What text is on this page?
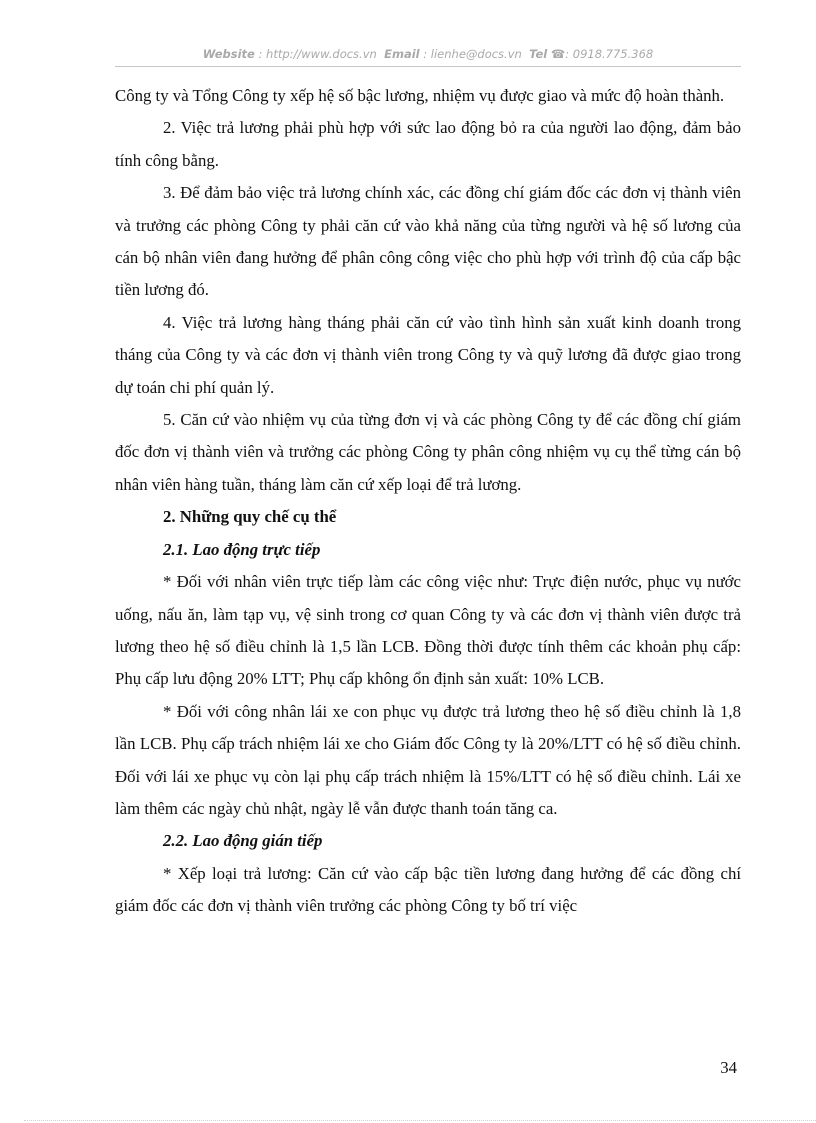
Website : http://www.docs.vn Email : lienhe@docs.vn Tel ☎: 0918.775.368

Công ty và Tổng Công ty xếp hệ số bậc lương, nhiệm vụ được giao và mức độ hoàn thành.

2. Việc trả lương phải phù hợp với sức lao động bỏ ra của người lao động, đảm bảo tính công bằng.

3. Để đảm bảo việc trả lương chính xác, các đồng chí giám đốc các đơn vị thành viên và trưởng các phòng Công ty phải căn cứ vào khả năng của từng người và hệ số lương của cán bộ nhân viên đang hưởng để phân công công việc cho phù hợp với trình độ của cấp bậc tiền lương đó.

4. Việc trả lương hàng tháng phải căn cứ vào tình hình sản xuất kinh doanh trong tháng của Công ty và các đơn vị thành viên trong Công ty và quỹ lương đã được giao trong dự toán chi phí quản lý.

5. Căn cứ vào nhiệm vụ của từng đơn vị và các phòng Công ty để các đồng chí giám đốc đơn vị thành viên và trưởng các phòng Công ty phân công nhiệm vụ cụ thể từng cán bộ nhân viên hàng tuần, tháng làm căn cứ xếp loại để trả lương.

2. Những quy chế cụ thể

2.1. Lao động trực tiếp

* Đối với nhân viên trực tiếp làm các công việc như: Trực điện nước, phục vụ nước uống, nấu ăn, làm tạp vụ, vệ sinh trong cơ quan Công ty và các đơn vị thành viên được trả lương theo hệ số điều chỉnh là 1,5 lần LCB. Đồng thời được tính thêm các khoản phụ cấp: Phụ cấp lưu động 20% LTT; Phụ cấp không ổn định sản xuất: 10% LCB.

* Đối với công nhân lái xe con phục vụ được trả lương theo hệ số điều chỉnh là 1,8 lần LCB. Phụ cấp trách nhiệm lái xe cho Giám đốc Công ty là 20%/LTT có hệ số điều chỉnh. Đối với lái xe phục vụ còn lại phụ cấp trách nhiệm là 15%/LTT có hệ số điều chỉnh. Lái xe làm thêm các ngày chủ nhật, ngày lễ vẫn được thanh toán tăng ca.

2.2. Lao động gián tiếp

* Xếp loại trả lương: Căn cứ vào cấp bậc tiền lương đang hưởng để các đồng chí giám đốc các đơn vị thành viên trưởng các phòng Công ty bố trí việc

34
